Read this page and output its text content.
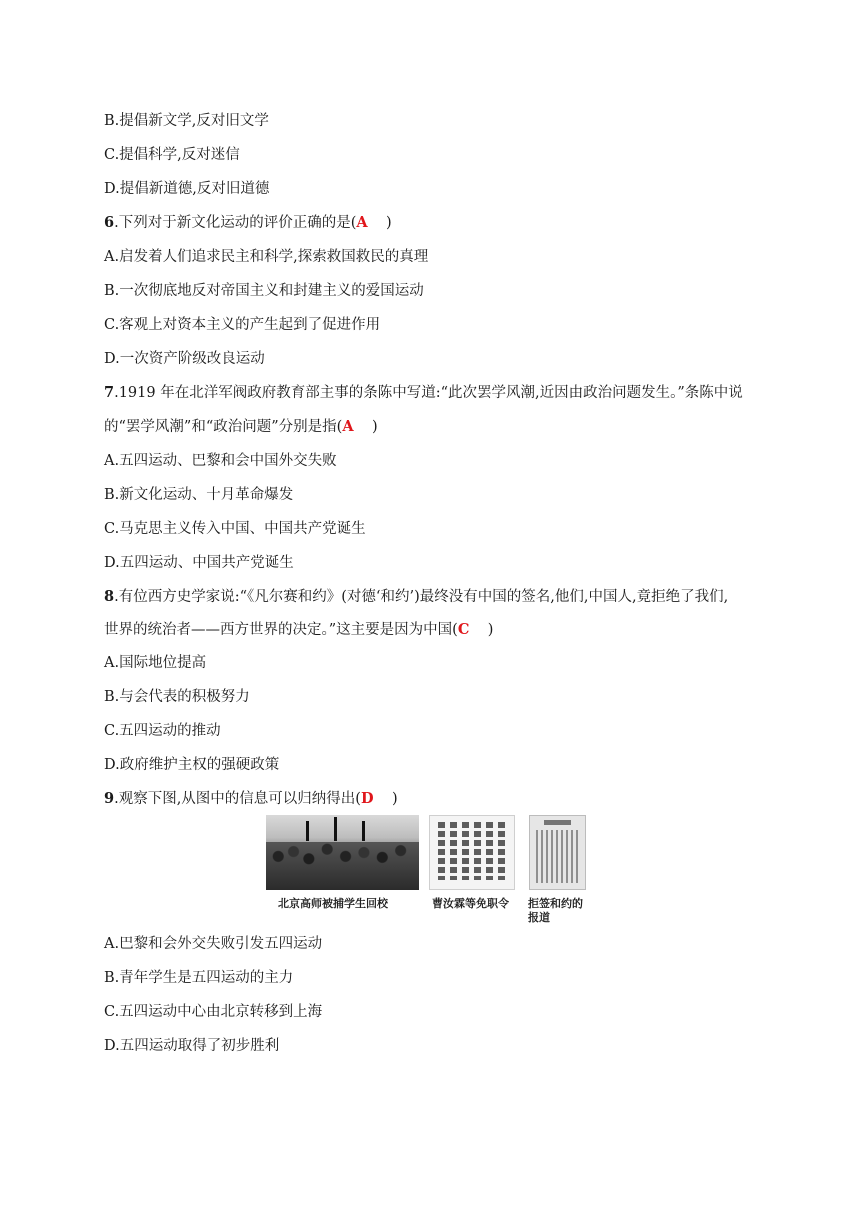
B.提倡新文学,反对旧文学
C.提倡科学,反对迷信
D.提倡新道德,反对旧道德
6.下列对于新文化运动的评价正确的是(A    )
A.启发着人们追求民主和科学,探索救国救民的真理
B.一次彻底地反对帝国主义和封建主义的爱国运动
C.客观上对资本主义的产生起到了促进作用
D.一次资产阶级改良运动
7.1919 年在北洋军阀政府教育部主事的条陈中写道:“此次罢学风潮,近因由政治问题发生。”条陈中说
的“罢学风潮”和“政治问题”分别是指(A    )
A.五四运动、巴黎和会中国外交失败
B.新文化运动、十月革命爆发
C.马克思主义传入中国、中国共产党诞生
D.五四运动、中国共产党诞生
8.有位西方史学家说:“《凡尔赛和约》(对德‘和约’)最终没有中国的签名,他们,中国人,竟拒绝了我们,
世界的统治者——西方世界的决定。”这主要是因为中国(C    )
A.国际地位提高
B.与会代表的积极努力
C.五四运动的推动
D.政府维护主权的强硬政策
9.观察下图,从图中的信息可以归纳得出(D    )
北京高师被捕学生回校	曹汝霖等免职令 拒签和约的
报道
A.巴黎和会外交失败引发五四运动
B.青年学生是五四运动的主力
C.五四运动中心由北京转移到上海
D.五四运动取得了初步胜利
